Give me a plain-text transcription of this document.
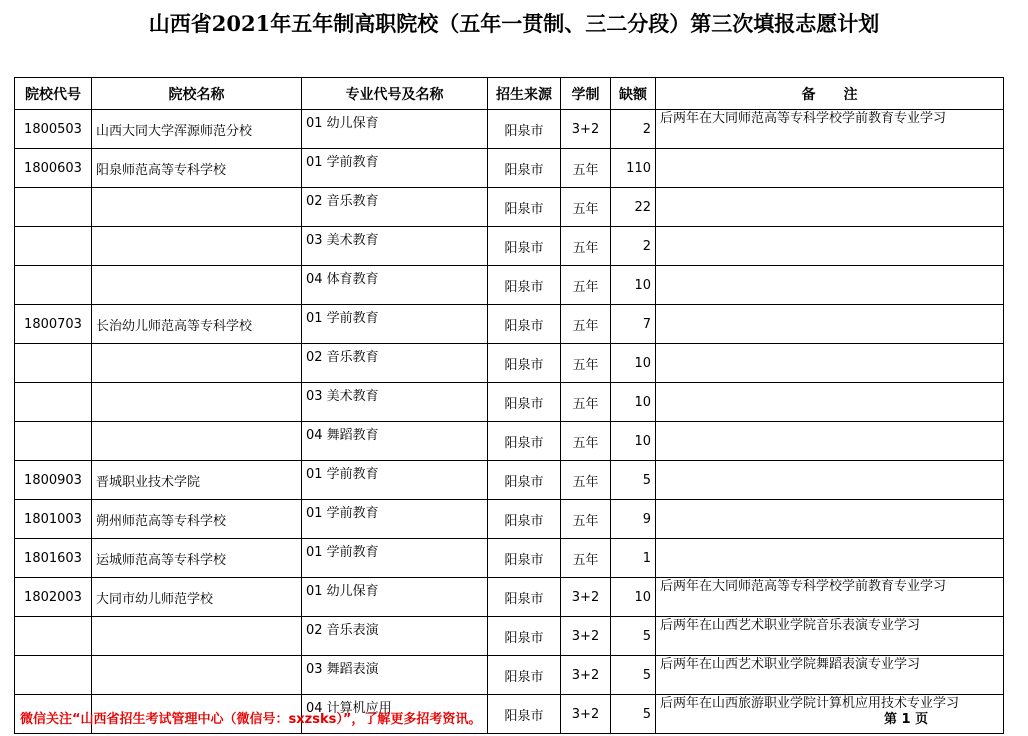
山西省2021年五年制高职院校（五年一贯制、三二分段）第三次填报志愿计划
院校代号	院校名称	专业代号及名称	招生来源	学制	缺额	备　　注
1800503	山西大同大学浑源师范分校	01 幼儿保育	阳泉市	3+2	2	后两年在大同师范高等专科学校学前教育专业学习
1800603	阳泉师范高等专科学校	01 学前教育	阳泉市	五年	110	
		02 音乐教育	阳泉市	五年	22	
		03 美术教育	阳泉市	五年	2	
		04 体育教育	阳泉市	五年	10	
1800703	长治幼儿师范高等专科学校	01 学前教育	阳泉市	五年	7	
		02 音乐教育	阳泉市	五年	10	
		03 美术教育	阳泉市	五年	10	
		04 舞蹈教育	阳泉市	五年	10	
1800903	晋城职业技术学院	01 学前教育	阳泉市	五年	5	
1801003	朔州师范高等专科学校	01 学前教育	阳泉市	五年	9	
1801603	运城师范高等专科学校	01 学前教育	阳泉市	五年	1	
1802003	大同市幼儿师范学校	01 幼儿保育	阳泉市	3+2	10	后两年在大同师范高等专科学校学前教育专业学习
		02 音乐表演	阳泉市	3+2	5	后两年在山西艺术职业学院音乐表演专业学习
		03 舞蹈表演	阳泉市	3+2	5	后两年在山西艺术职业学院舞蹈表演专业学习
		04 计算机应用	阳泉市	3+2	5	后两年在山西旅游职业学院计算机应用技术专业学习
微信关注“山西省招生考试管理中心（微信号：sxzsks）”，了解更多招考资讯。	第 1 页
